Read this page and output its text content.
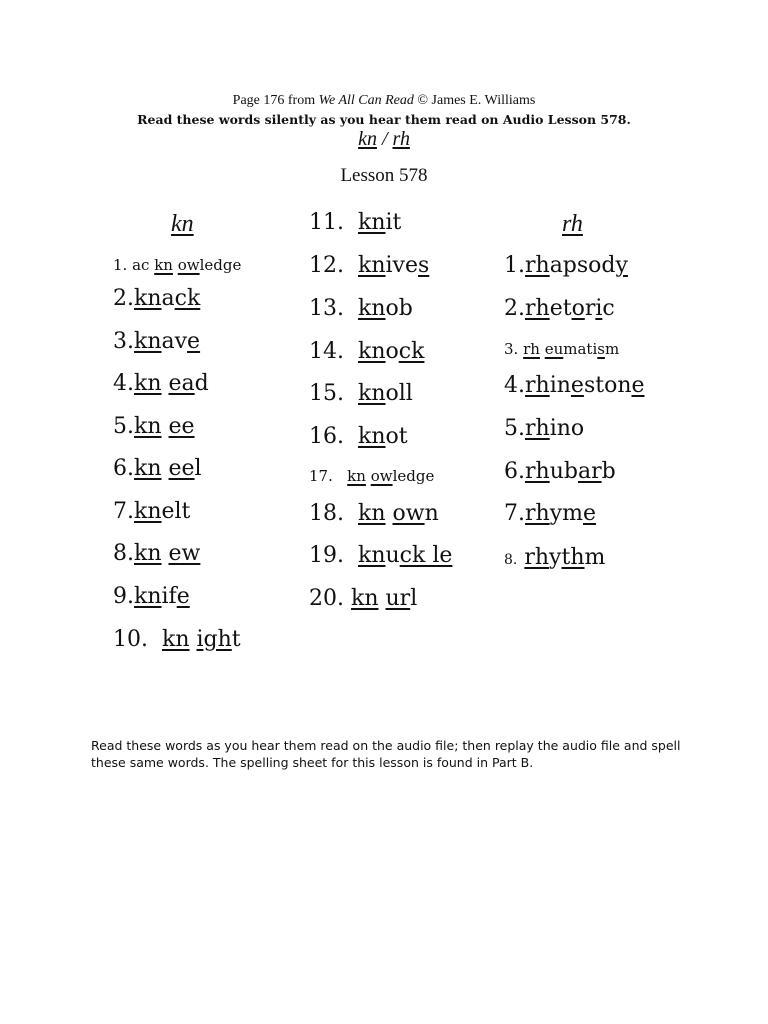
Page 176 from We All Can Read © James E. Williams
Read these words silently as you hear them read on Audio Lesson 578.
kn / rh
Lesson 578
kn	rh
1. ac kn owledge
2.knack
3.knave
4.kn ead
5.kn ee
6.kn eel
7.knelt
8.kn ew
9.knife
10. kn ight
11. knit
12. knives
13. knob
14. knock
15. knoll
16. knot
17. kn owledge
18. kn own
19. knuck le
20. kn url
1.rhapsody
2.rhetoric
3. rh eumatism
4.rhinestone
5.rhino
6.rhubarb
7.rhyme
8. rhythm
Read these words as you hear them read on the audio file; then replay the audio file and spell these same words. The spelling sheet for this lesson is found in Part B.
